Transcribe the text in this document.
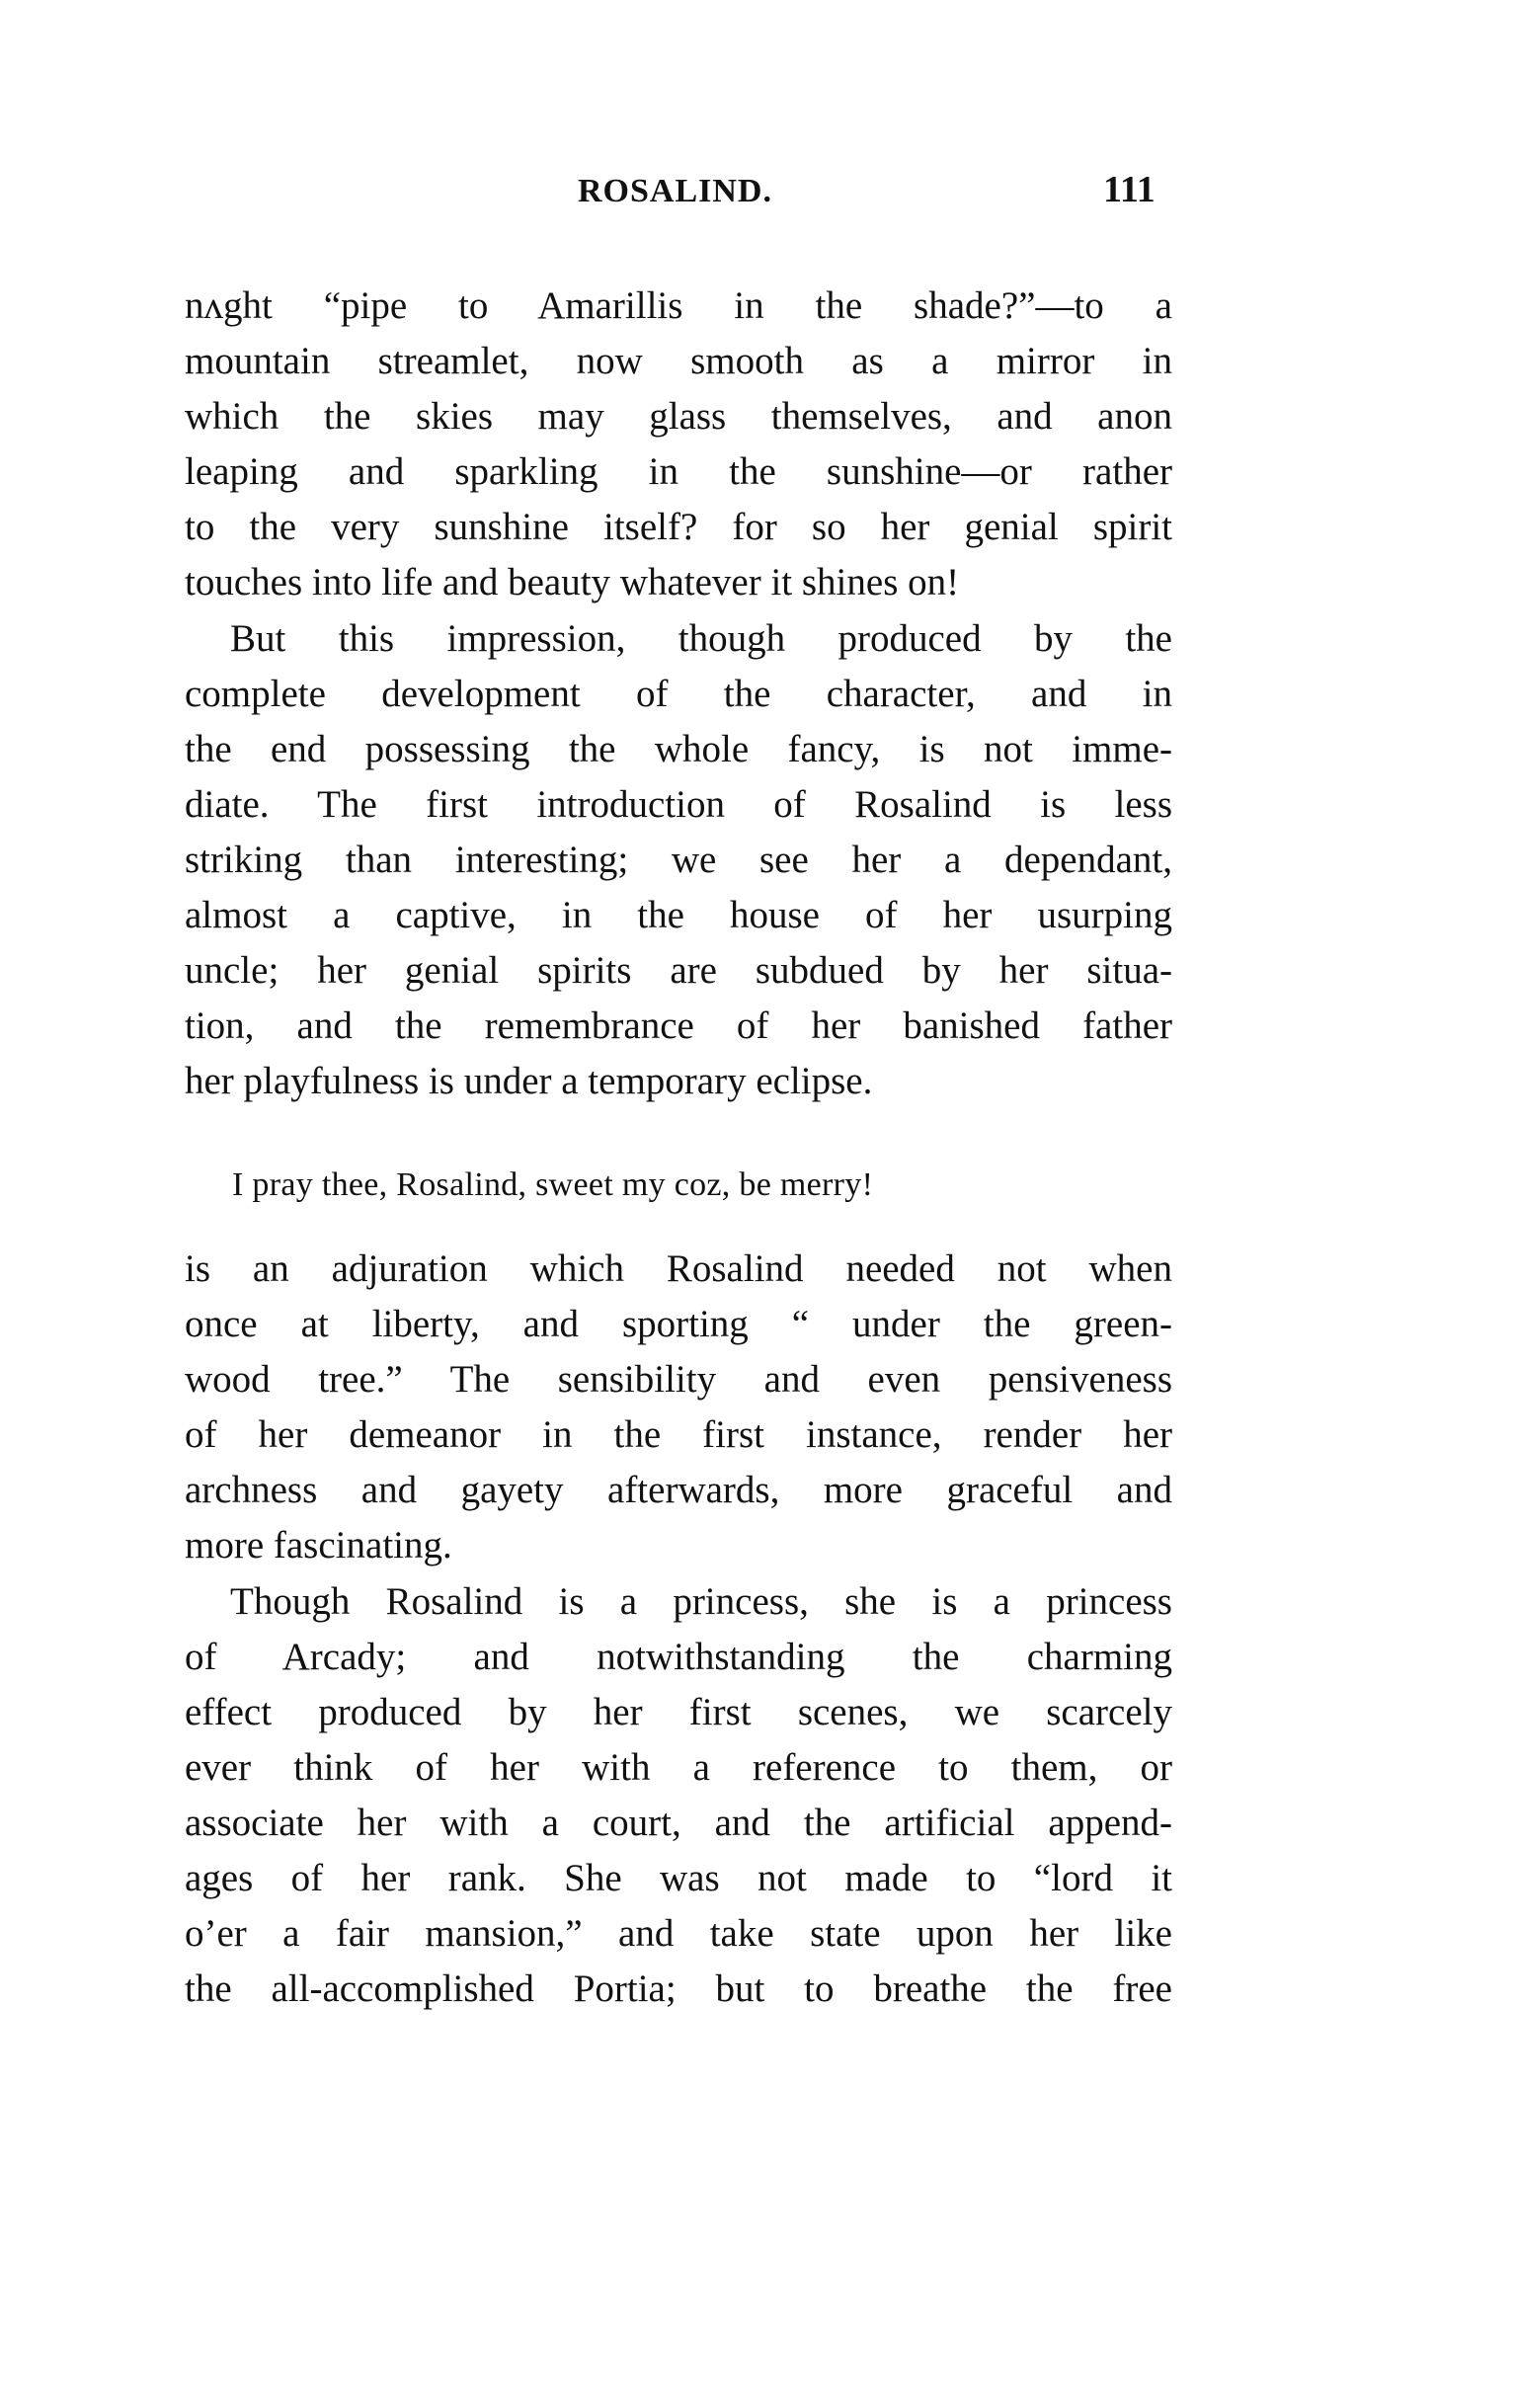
ROSALIND.	111
nʌght “pipe to Amarillis in the shade?”—to a
mountain streamlet, now smooth as a mirror in
which the skies may glass themselves, and anon
leaping and sparkling in the sunshine—or rather
to the very sunshine itself? for so her genial spirit
touches into life and beauty whatever it shines on!
But this impression, though produced by the
complete development of the character, and in
the end possessing the whole fancy, is not imme-
diate. The first introduction of Rosalind is less
striking than interesting; we see her a dependant,
almost a captive, in the house of her usurping
uncle; her genial spirits are subdued by her situa-
tion, and the remembrance of her banished father
her playfulness is under a temporary eclipse.
I pray thee, Rosalind, sweet my coz, be merry!
is an adjuration which Rosalind needed not when
once at liberty, and sporting “ under the green-
wood tree.” The sensibility and even pensiveness
of her demeanor in the first instance, render her
archness and gayety afterwards, more graceful and
more fascinating.
Though Rosalind is a princess, she is a princess
of Arcady; and notwithstanding the charming
effect produced by her first scenes, we scarcely
ever think of her with a reference to them, or
associate her with a court, and the artificial append-
ages of her rank. She was not made to “lord it
o’er a fair mansion,” and take state upon her like
the all-accomplished Portia; but to breathe the free
